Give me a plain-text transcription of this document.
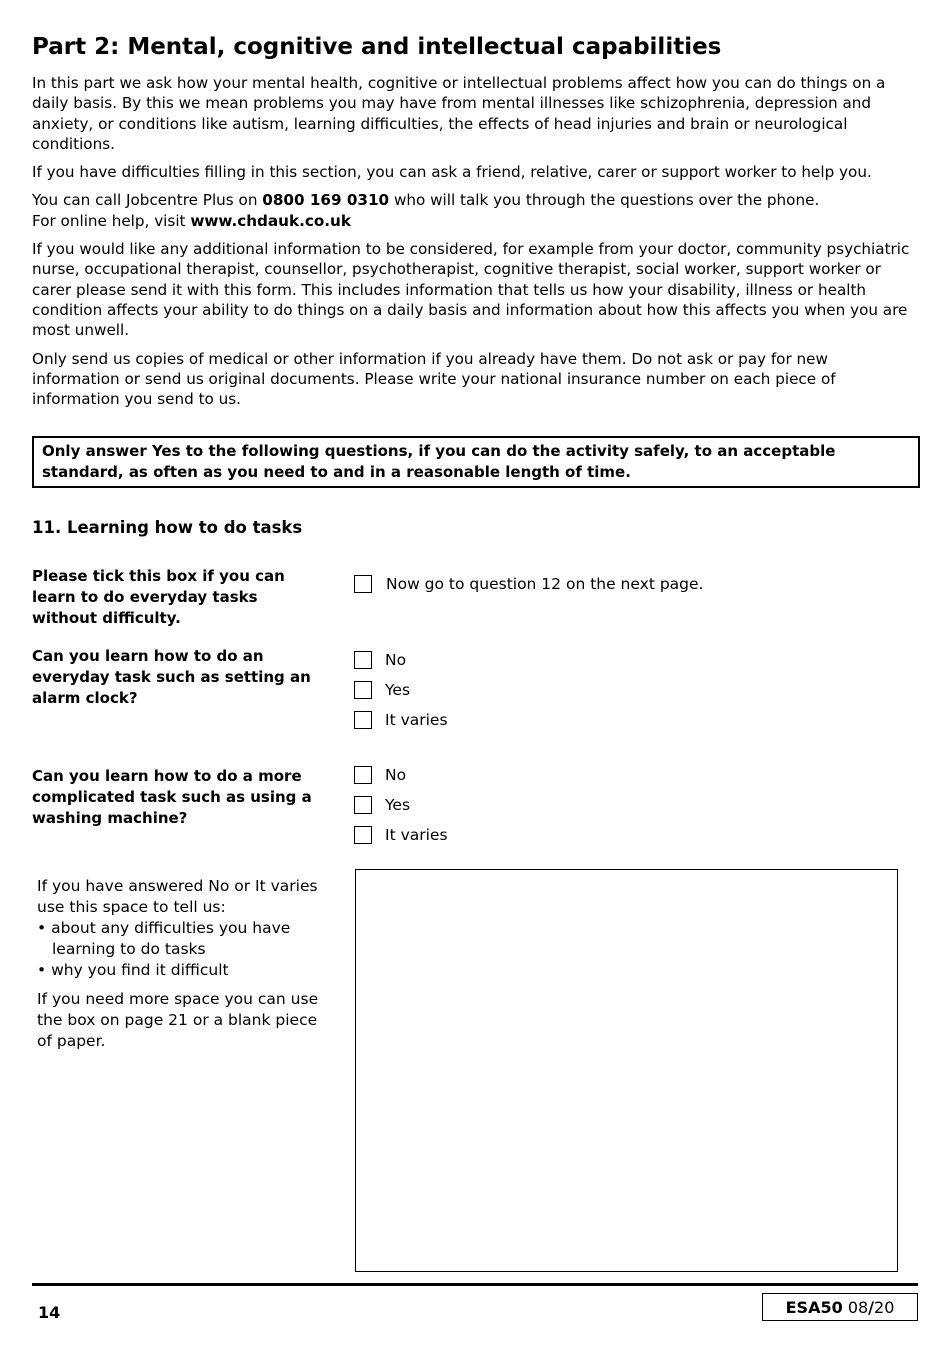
Part 2: Mental, cognitive and intellectual capabilities

In this part we ask how your mental health, cognitive or intellectual problems affect how you can do things on a daily basis. By this we mean problems you may have from mental illnesses like schizophrenia, depression and anxiety, or conditions like autism, learning difficulties, the effects of head injuries and brain or neurological conditions.

If you have difficulties filling in this section, you can ask a friend, relative, carer or support worker to help you.

You can call Jobcentre Plus on 0800 169 0310 who will talk you through the questions over the phone.
For online help, visit www.chdauk.co.uk

If you would like any additional information to be considered, for example from your doctor, community psychiatric nurse, occupational therapist, counsellor, psychotherapist, cognitive therapist, social worker, support worker or carer please send it with this form. This includes information that tells us how your disability, illness or health condition affects your ability to do things on a daily basis and information about how this affects you when you are most unwell.

Only send us copies of medical or other information if you already have them. Do not ask or pay for new information or send us original documents. Please write your national insurance number on each piece of information you send to us.

Only answer Yes to the following questions, if you can do the activity safely, to an acceptable standard, as often as you need to and in a reasonable length of time.
11. Learning how to do tasks
Please tick this box if you can learn to do everyday tasks without difficulty.
Now go to question 12 on the next page.
Can you learn how to do an everyday task such as setting an alarm clock?
No
Yes
It varies
Can you learn how to do a more complicated task such as using a washing machine?
No
Yes
It varies

If you have answered No or It varies use this space to tell us:

• about any difficulties you have learning to do tasks

• why you find it difficult

If you need more space you can use the box on page 21 or a blank piece of paper.

14	ESA50
08 / 20
